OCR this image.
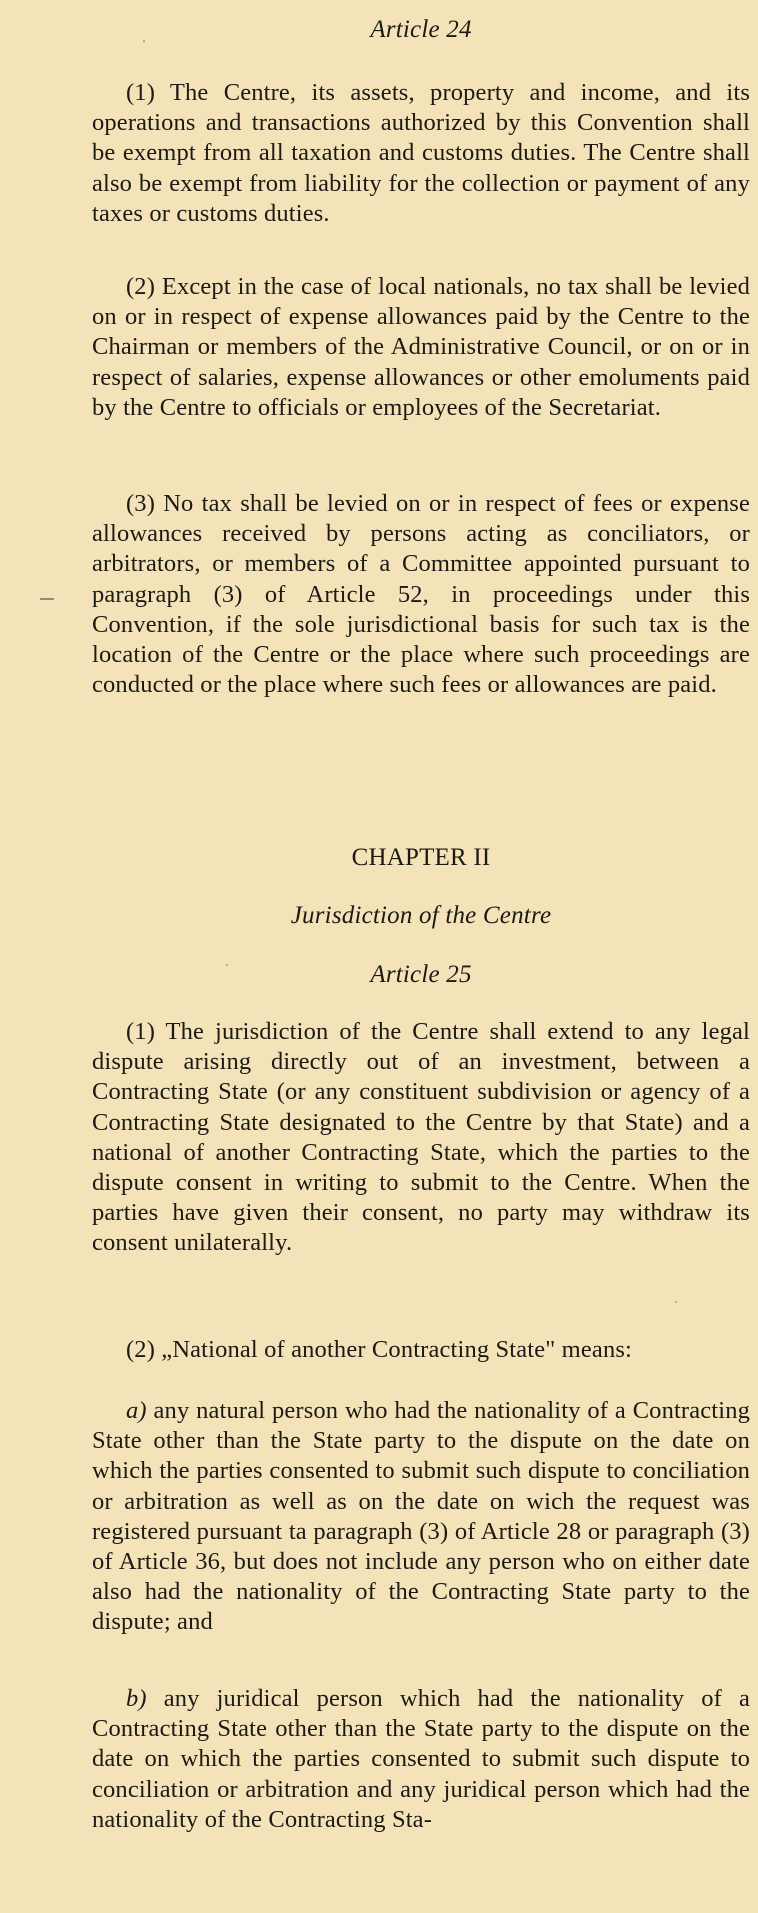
Article 24
(1) The Centre, its assets, property and income, and its operations and transactions authorized by this Convention shall be exempt from all taxation and customs duties. The Centre shall also be exempt from liability for the collection or payment of any taxes or customs duties.
(2) Except in the case of local nationals, no tax shall be levied on or in respect of expense allowances paid by the Centre to the Chairman or members of the Administrative Council, or on or in respect of salaries, expense allowances or other emoluments paid by the Centre to officials or employees of the Secretariat.
(3) No tax shall be levied on or in respect of fees or expense allowances received by persons acting as conciliators, or arbitrators, or members of a Committee appointed pursuant to paragraph (3) of Article 52, in proceedings under this Convention, if the sole jurisdictional basis for such tax is the location of the Centre or the place where such proceedings are conducted or the place where such fees or allowances are paid.
CHAPTER II
Jurisdiction of the Centre
Article 25
(1) The jurisdiction of the Centre shall extend to any legal dispute arising directly out of an investment, between a Contracting State (or any constituent subdivision or agency of a Contracting State designated to the Centre by that State) and a national of another Contracting State, which the parties to the dispute consent in writing to submit to the Centre. When the parties have given their consent, no party may withdraw its consent unilaterally.
(2) „National of another Contracting State" means:
a) any natural person who had the nationality of a Contracting State other than the State party to the dispute on the date on which the parties consented to submit such dispute to conciliation or arbitration as well as on the date on wich the request was registered pursuant ta paragraph (3) of Article 28 or paragraph (3) of Article 36, but does not include any person who on either date also had the nationality of the Contracting State party to the dispute; and
b) any juridical person which had the nationality of a Contracting State other than the State party to the dispute on the date on which the parties consented to submit such dispute to conciliation or arbitration and any juridical person which had the nationality of the Contracting Sta-
